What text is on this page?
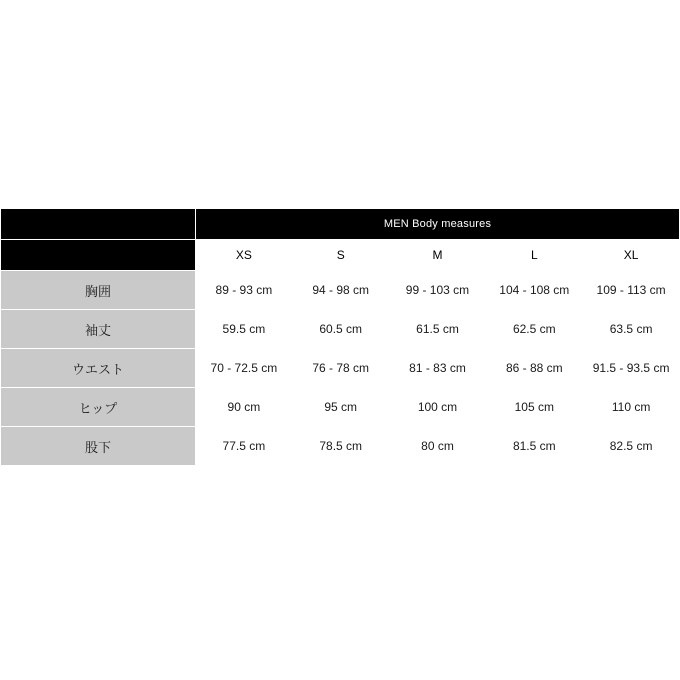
	MEN Body measures				
	XS	S	M	L	XL
胸囲	89 - 93 cm	94 - 98 cm	99 - 103 cm	104 - 108 cm	109 - 113 cm
袖丈	59.5 cm	60.5 cm	61.5 cm	62.5 cm	63.5 cm
ウエスト	70 - 72.5 cm	76 - 78 cm	81 - 83 cm	86 - 88 cm	91.5 - 93.5 cm
ヒップ	90 cm	95 cm	100 cm	105 cm	110 cm
股下	77.5 cm	78.5 cm	80 cm	81.5 cm	82.5 cm
